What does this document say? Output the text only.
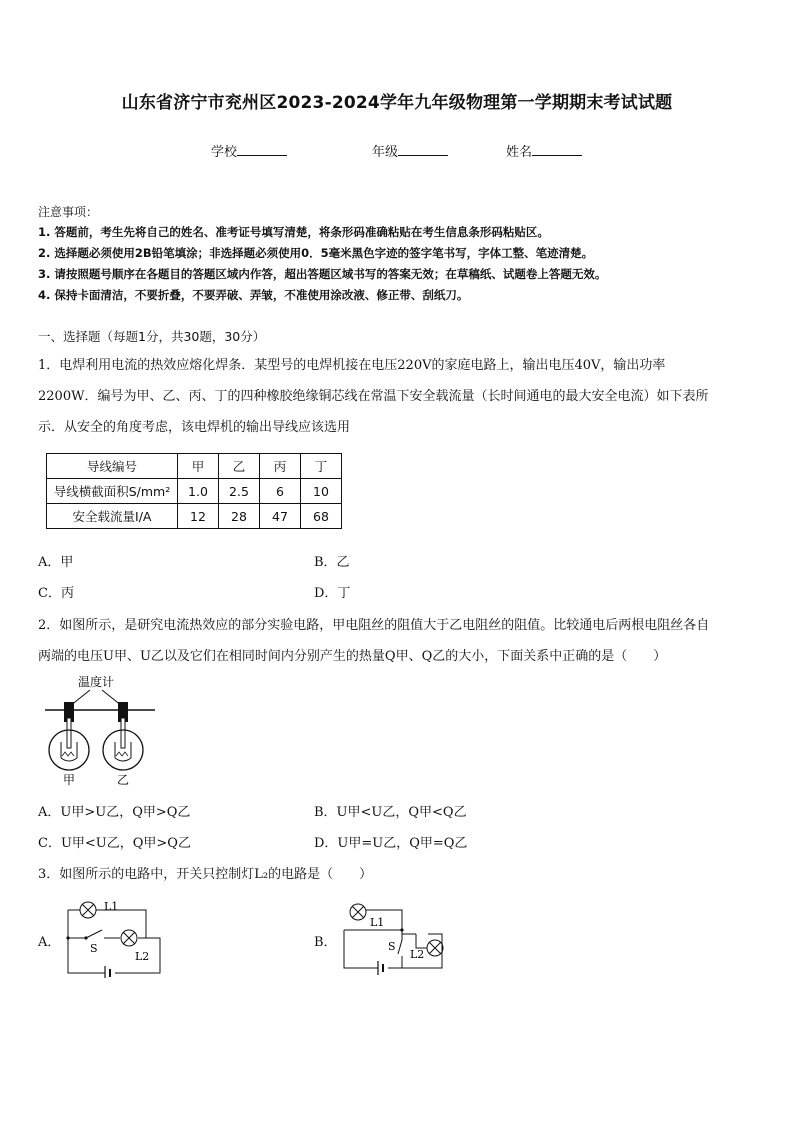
山东省济宁市兖州区2023-2024学年九年级物理第一学期期末考试试题
学校	年级	姓名
注意事项：
1. 答题前，考生先将自己的姓名、准考证号填写清楚，将条形码准确粘贴在考生信息条形码粘贴区。
2. 选择题必须使用2B铅笔填涂；非选择题必须使用0．5毫米黑色字迹的签字笔书写，字体工整、笔迹清楚。
3. 请按照题号顺序在各题目的答题区域内作答，超出答题区域书写的答案无效；在草稿纸、试题卷上答题无效。
4. 保持卡面清洁，不要折叠，不要弄破、弄皱，不准使用涂改液、修正带、刮纸刀。
一、选择题（每题1分，共30题，30分）
1．电焊利用电流的热效应熔化焊条．某型号的电焊机接在电压220V的家庭电路上，输出电压40V，输出功率
2200W．编号为甲、乙、丙、丁的四种橡胶绝缘铜芯线在常温下安全载流量（长时间通电的最大安全电流）如下表所
示．从安全的角度考虑，该电焊机的输出导线应该选用
导线编号	甲	乙	丙	丁
导线横截面积S/mm²	1.0	2.5	6	10
安全载流量I/A	12	28	47	68
A．甲	B．乙
C．丙	D．丁
2．如图所示，是研究电流热效应的部分实验电路，甲电阻丝的阻值大于乙电阻丝的阻值。比较通电后两根电阻丝各自
两端的电压U甲、U乙以及它们在相同时间内分别产生的热量Q甲、Q乙的大小，下面关系中正确的是（　　）
温度计
甲	乙
A．U甲>U乙，Q甲>Q乙	B．U甲<U乙，Q甲<Q乙
C．U甲<U乙，Q甲>Q乙	D．U甲=U乙，Q甲=Q乙
3．如图所示的电路中，开关只控制灯L₂的电路是（　　）
A．
L1
S
L2
B．
L1
S
L2
